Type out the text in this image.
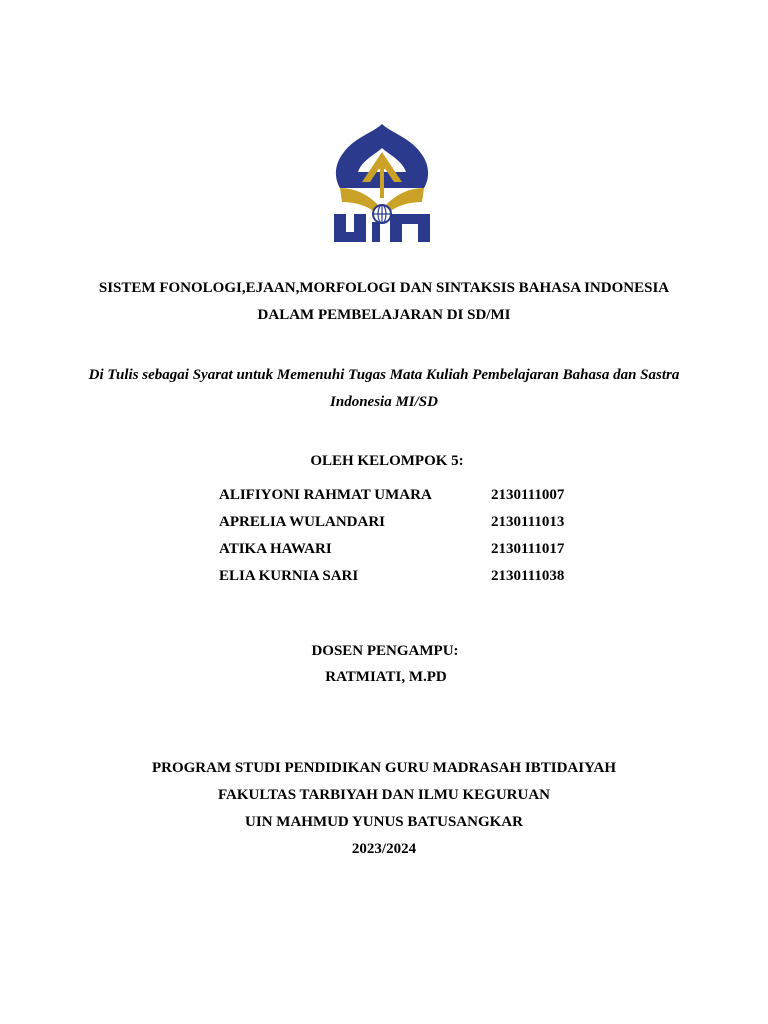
SISTEM FONOLOGI,EJAAN,MORFOLOGI DAN SINTAKSIS BAHASA INDONESIA
DALAM PEMBELAJARAN DI SD/MI
Di Tulis sebagai Syarat untuk Memenuhi Tugas Mata Kuliah Pembelajaran Bahasa dan Sastra
Indonesia MI/SD
OLEH KELOMPOK 5:
ALIFIYONI RAHMAT UMARA	2130111007
APRELIA WULANDARI	2130111013
ATIKA HAWARI	2130111017
ELIA KURNIA SARI	2130111038
DOSEN PENGAMPU:
RATMIATI, M.PD
PROGRAM STUDI PENDIDIKAN GURU MADRASAH IBTIDAIYAH
FAKULTAS TARBIYAH DAN ILMU KEGURUAN
UIN MAHMUD YUNUS BATUSANGKAR
2023/2024
